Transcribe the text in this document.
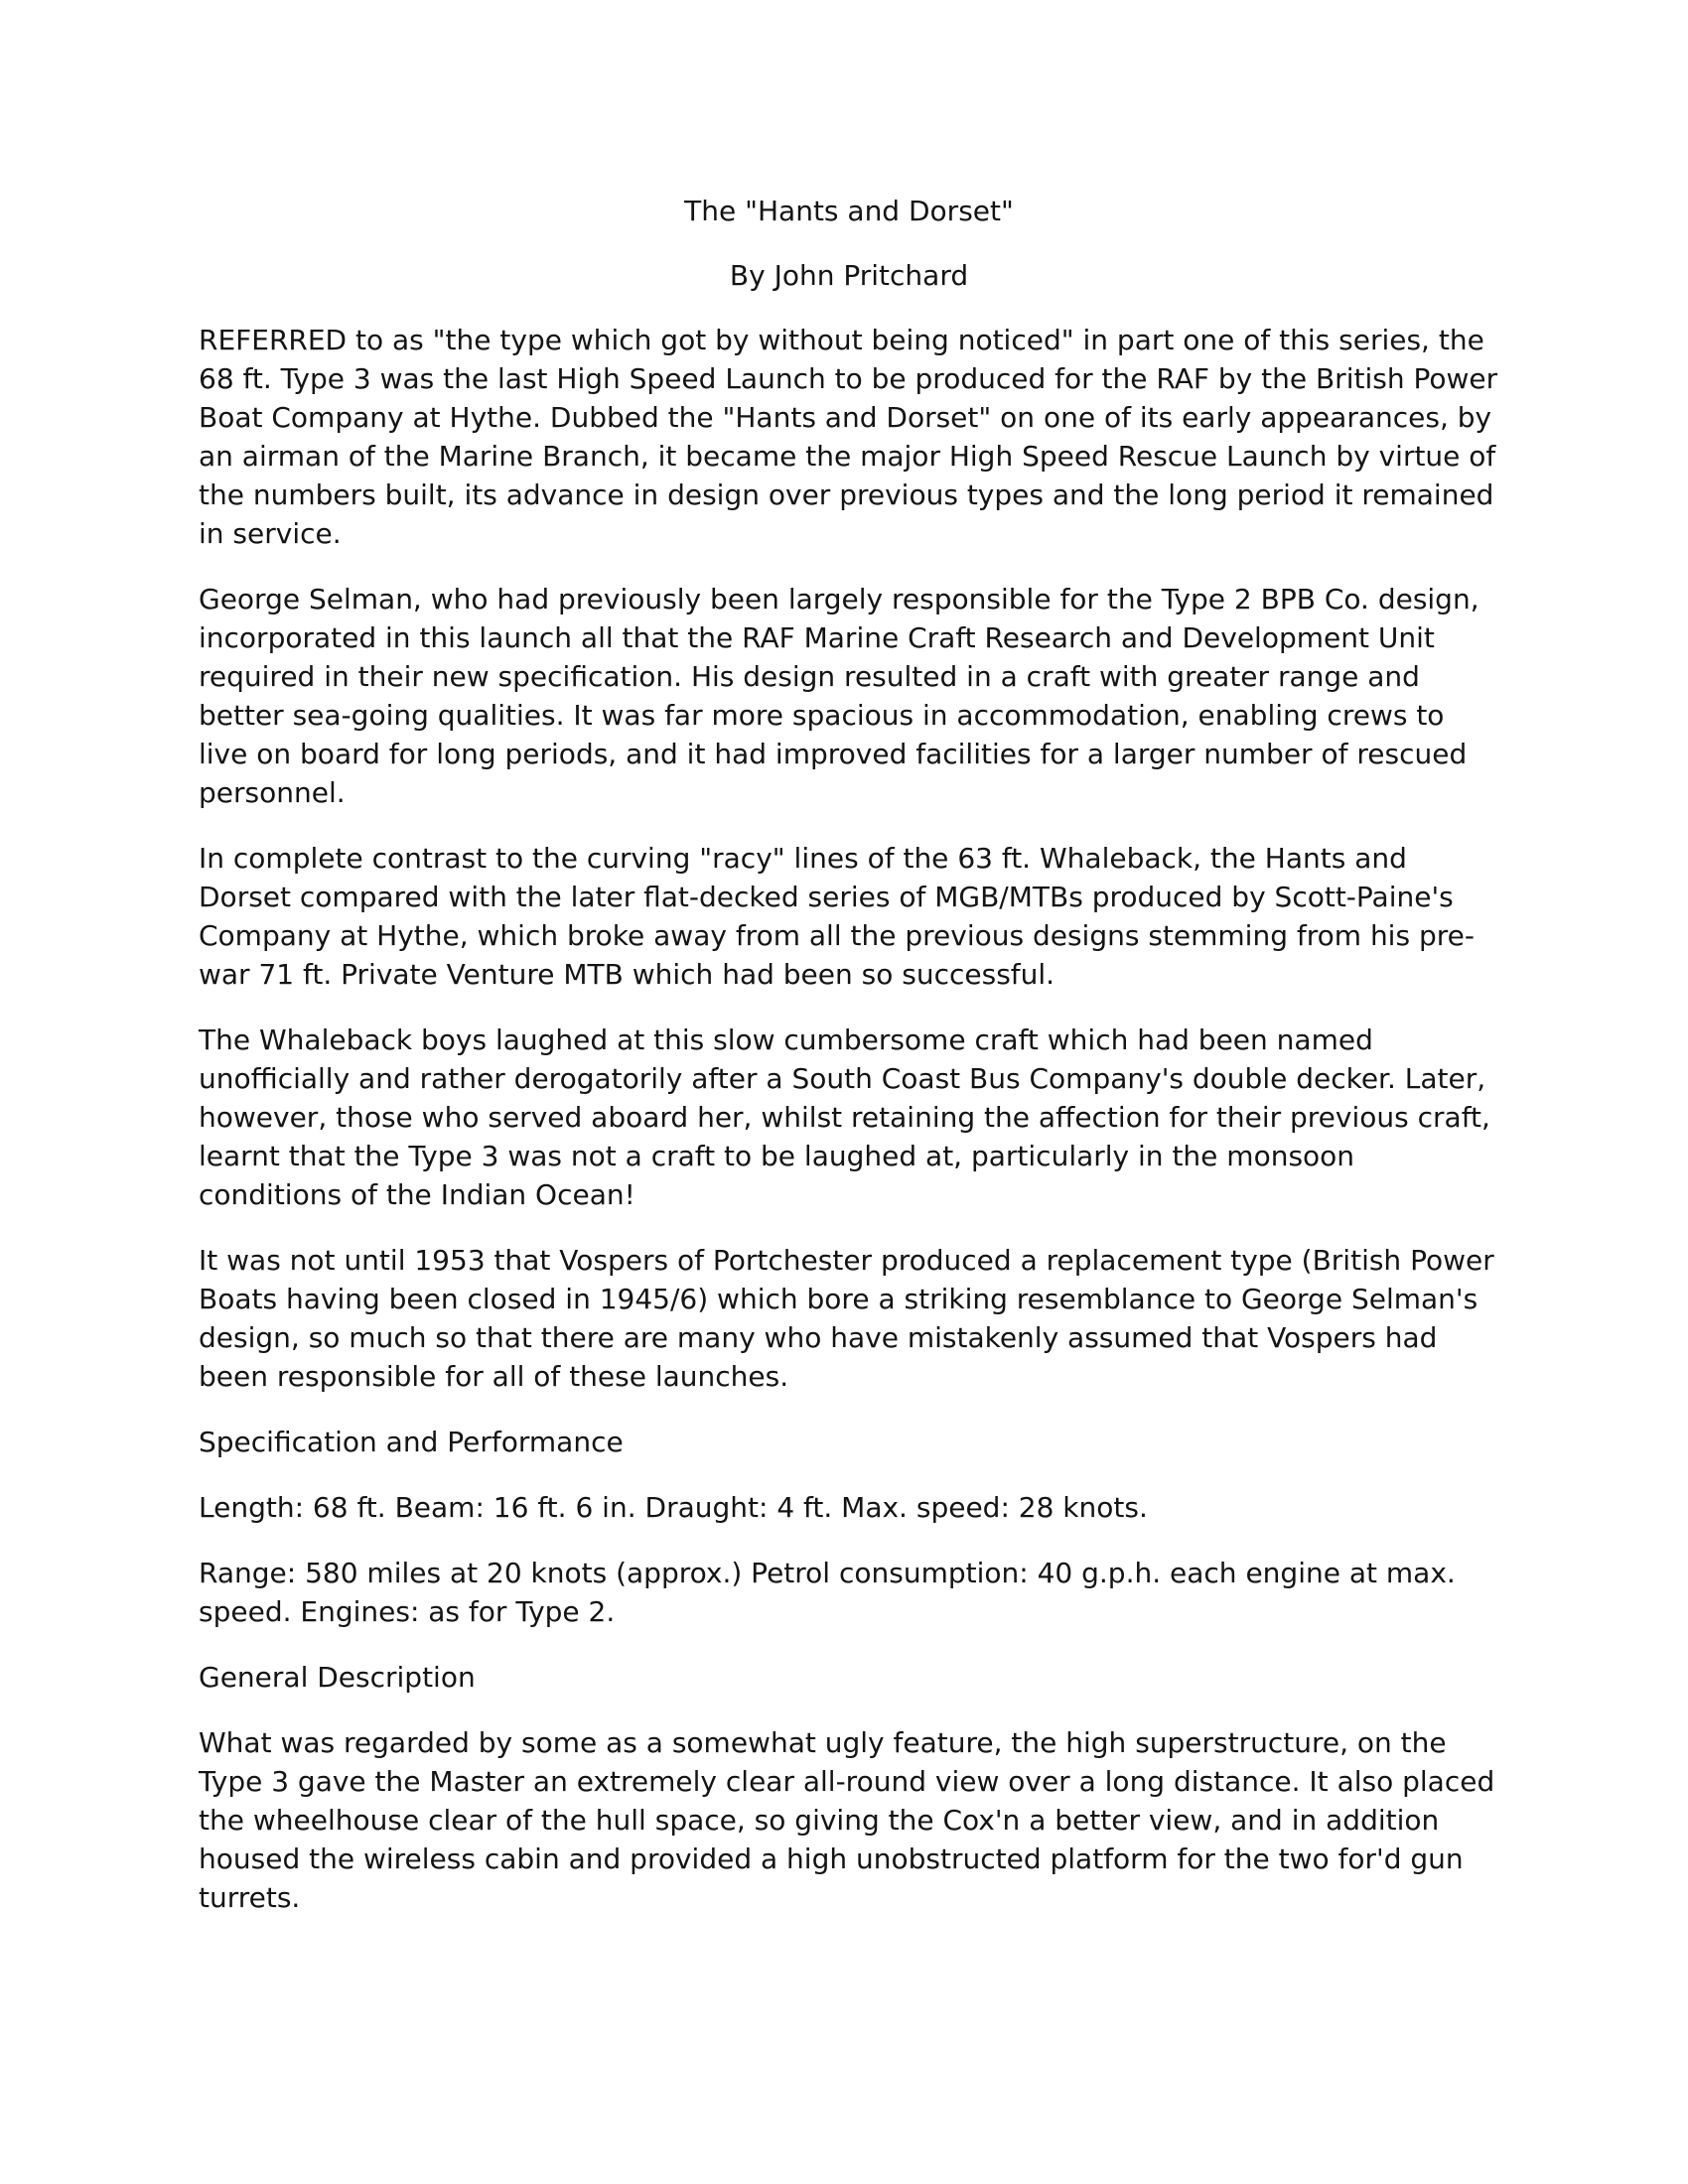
The "Hants and Dorset"
By John Pritchard

REFERRED to as "the type which got by without being noticed" in part one of this series, the 68 ft. Type 3 was the last High Speed Launch to be produced for the RAF by the British Power Boat Company at Hythe. Dubbed the "Hants and Dorset" on one of its early appearances, by an airman of the Marine Branch, it became the major High Speed Rescue Launch by virtue of the numbers built, its advance in design over previous types and the long period it remained in service.

George Selman, who had previously been largely responsible for the Type 2 BPB Co. design, incorporated in this launch all that the RAF Marine Craft Research and Development Unit required in their new specification. His design resulted in a craft with greater range and better sea-going qualities. It was far more spacious in accommodation, enabling crews to live on board for long periods, and it had improved facilities for a larger number of rescued personnel.

In complete contrast to the curving "racy" lines of the 63 ft. Whaleback, the Hants and Dorset compared with the later flat-decked series of MGB/MTBs produced by Scott-Paine's Company at Hythe, which broke away from all the previous designs stemming from his pre-war 71 ft. Private Venture MTB which had been so successful.

The Whaleback boys laughed at this slow cumbersome craft which had been named unofficially and rather derogatorily after a South Coast Bus Company's double decker. Later, however, those who served aboard her, whilst retaining the affection for their previous craft, learnt that the Type 3 was not a craft to be laughed at, particularly in the monsoon conditions of the Indian Ocean!

It was not until 1953 that Vospers of Portchester produced a replacement type (British Power Boats having been closed in 1945/6) which bore a striking resemblance to George Selman's design, so much so that there are many who have mistakenly assumed that Vospers had been responsible for all of these launches.

Specification and Performance

Length: 68 ft. Beam: 16 ft. 6 in. Draught: 4 ft. Max. speed: 28 knots.

Range: 580 miles at 20 knots (approx.) Petrol consumption: 40 g.p.h. each engine at max. speed. Engines: as for Type 2.

General Description

What was regarded by some as a somewhat ugly feature, the high superstructure, on the Type 3 gave the Master an extremely clear all-round view over a long distance. It also placed the wheelhouse clear of the hull space, so giving the Cox'n a better view, and in addition housed the wireless cabin and provided a high unobstructed platform for the two for'd gun turrets.
